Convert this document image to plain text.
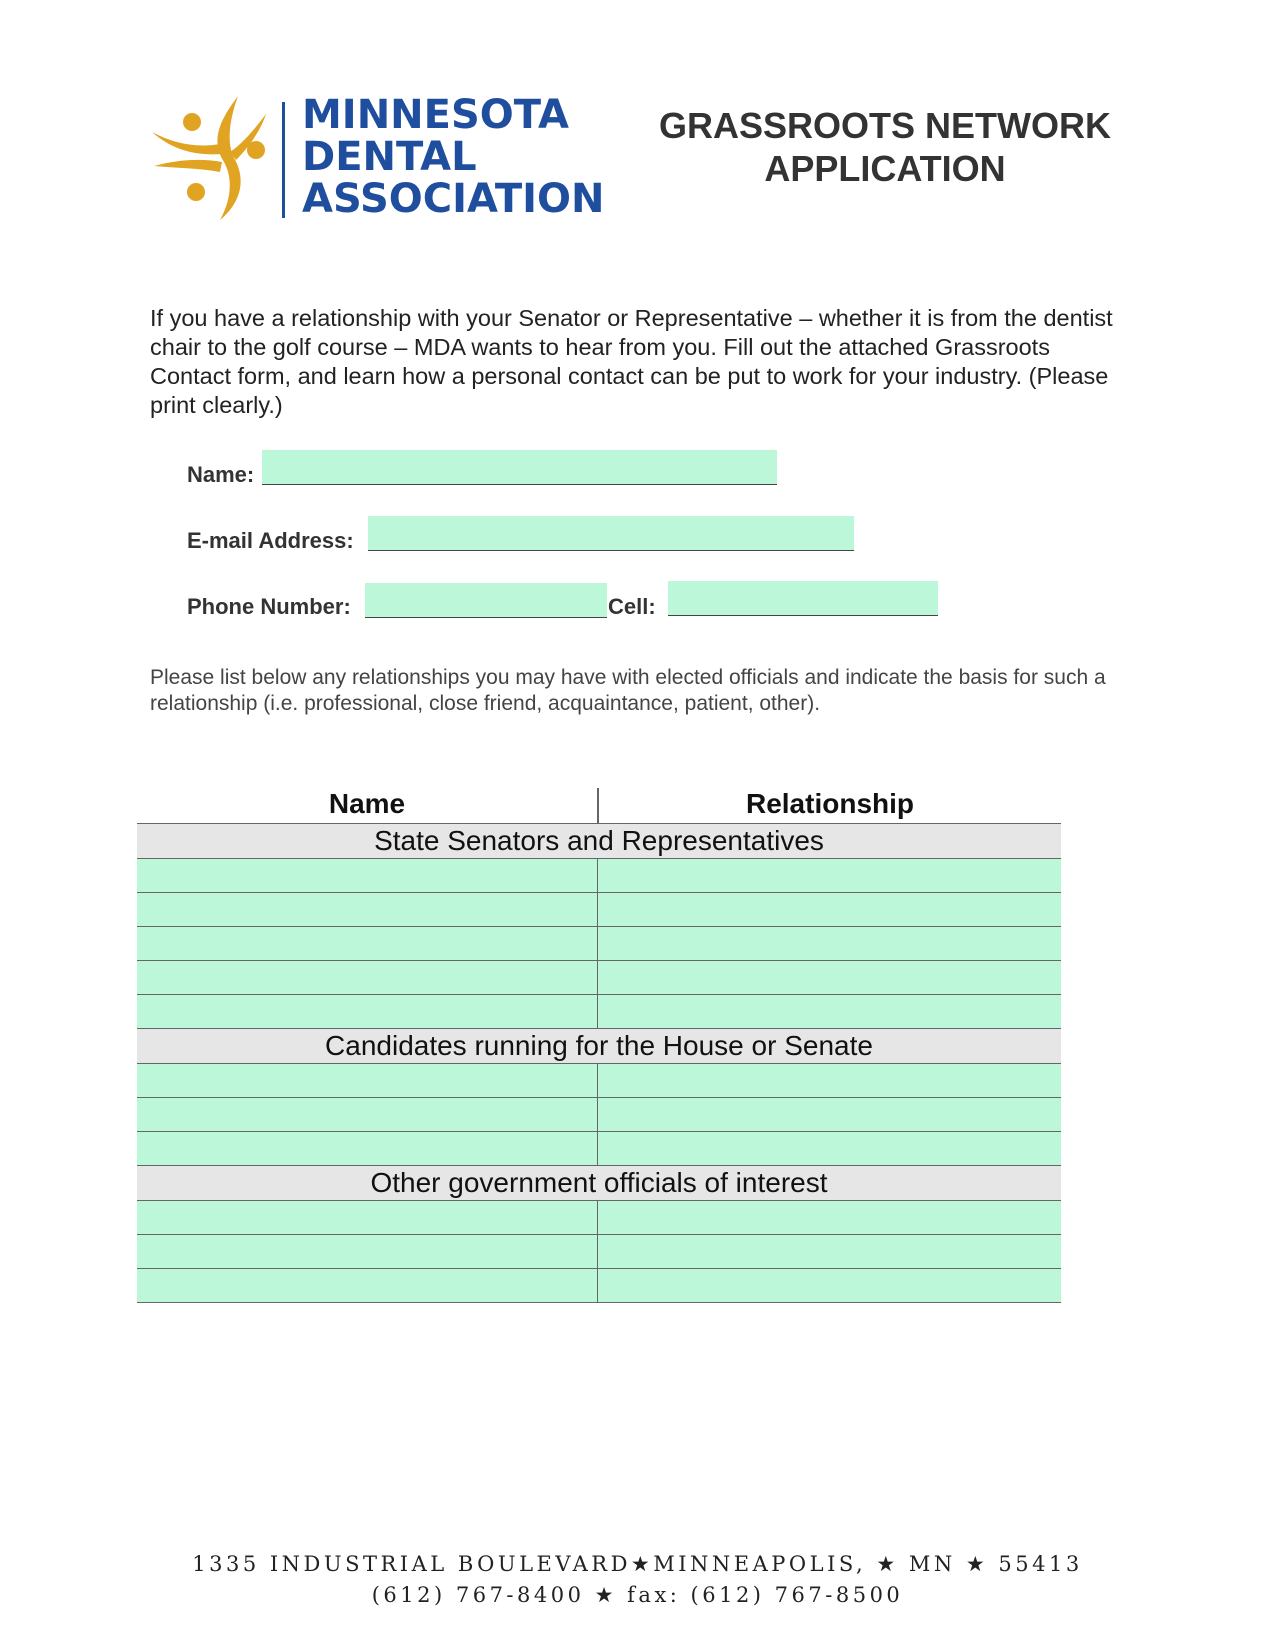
MINNESOTA
DENTAL
ASSOCIATION
GRASSROOTS NETWORK
APPLICATION
If you have a relationship with your Senator or Representative – whether it is from the dentist chair to the golf course – MDA wants to hear from you. Fill out the attached Grassroots Contact form, and learn how a personal contact can be put to work for your industry. (Please print clearly.)
Name:
E-mail Address:
Phone Number:	Cell:
Please list below any relationships you may have with elected officials and indicate the basis for such a relationship (i.e. professional, close friend, acquaintance, patient, other).
Name	Relationship
State Senators and Representatives
Candidates running for the House or Senate
Other government officials of interest
1335 INDUSTRIAL BOULEVARD★MINNEAPOLIS, ★ MN ★ 55413
(612) 767-8400 ★ fax: (612) 767-8500
